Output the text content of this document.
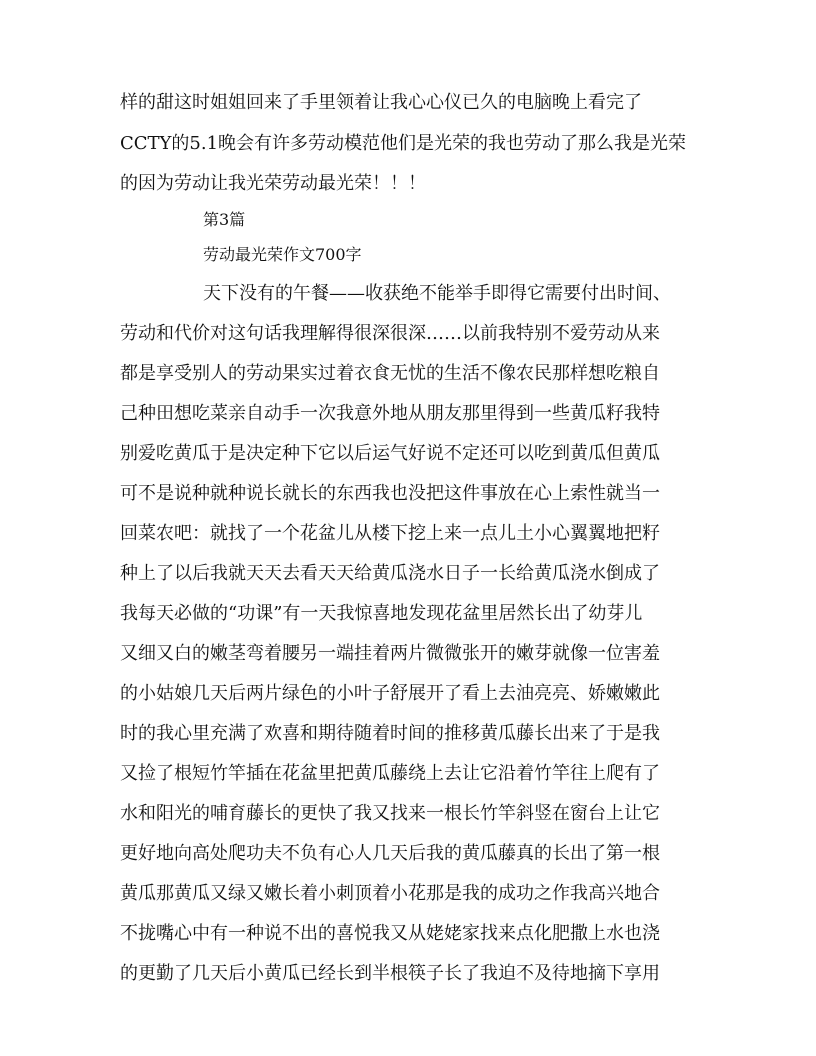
样的甜这时姐姐回来了手里领着让我心心仪已久的电脑晚上看完了
CCTY的5.1晚会有许多劳动模范他们是光荣的我也劳动了那么我是光荣
的因为劳动让我光荣劳动最光荣！！！
第3篇
劳动最光荣作文700字
天下没有的午餐——收获绝不能举手即得它需要付出时间、
劳动和代价对这句话我理解得很深很深……以前我特别不爱劳动从来
都是享受别人的劳动果实过着衣食无忧的生活不像农民那样想吃粮自
己种田想吃菜亲自动手一次我意外地从朋友那里得到一些黄瓜籽我特
别爱吃黄瓜于是决定种下它以后运气好说不定还可以吃到黄瓜但黄瓜
可不是说种就种说长就长的东西我也没把这件事放在心上索性就当一
回菜农吧：就找了一个花盆儿从楼下挖上来一点儿土小心翼翼地把籽
种上了以后我就天天去看天天给黄瓜浇水日子一长给黄瓜浇水倒成了
我每天必做的“功课”有一天我惊喜地发现花盆里居然长出了幼芽儿
又细又白的嫩茎弯着腰另一端挂着两片微微张开的嫩芽就像一位害羞
的小姑娘几天后两片绿色的小叶子舒展开了看上去油亮亮、娇嫩嫩此
时的我心里充满了欢喜和期待随着时间的推移黄瓜藤长出来了于是我
又捡了根短竹竿插在花盆里把黄瓜藤绕上去让它沿着竹竿往上爬有了
水和阳光的哺育藤长的更快了我又找来一根长竹竿斜竖在窗台上让它
更好地向高处爬功夫不负有心人几天后我的黄瓜藤真的长出了第一根
黄瓜那黄瓜又绿又嫩长着小刺顶着小花那是我的成功之作我高兴地合
不拢嘴心中有一种说不出的喜悦我又从姥姥家找来点化肥撒上水也浇
的更勤了几天后小黄瓜已经长到半根筷子长了我迫不及待地摘下享用
